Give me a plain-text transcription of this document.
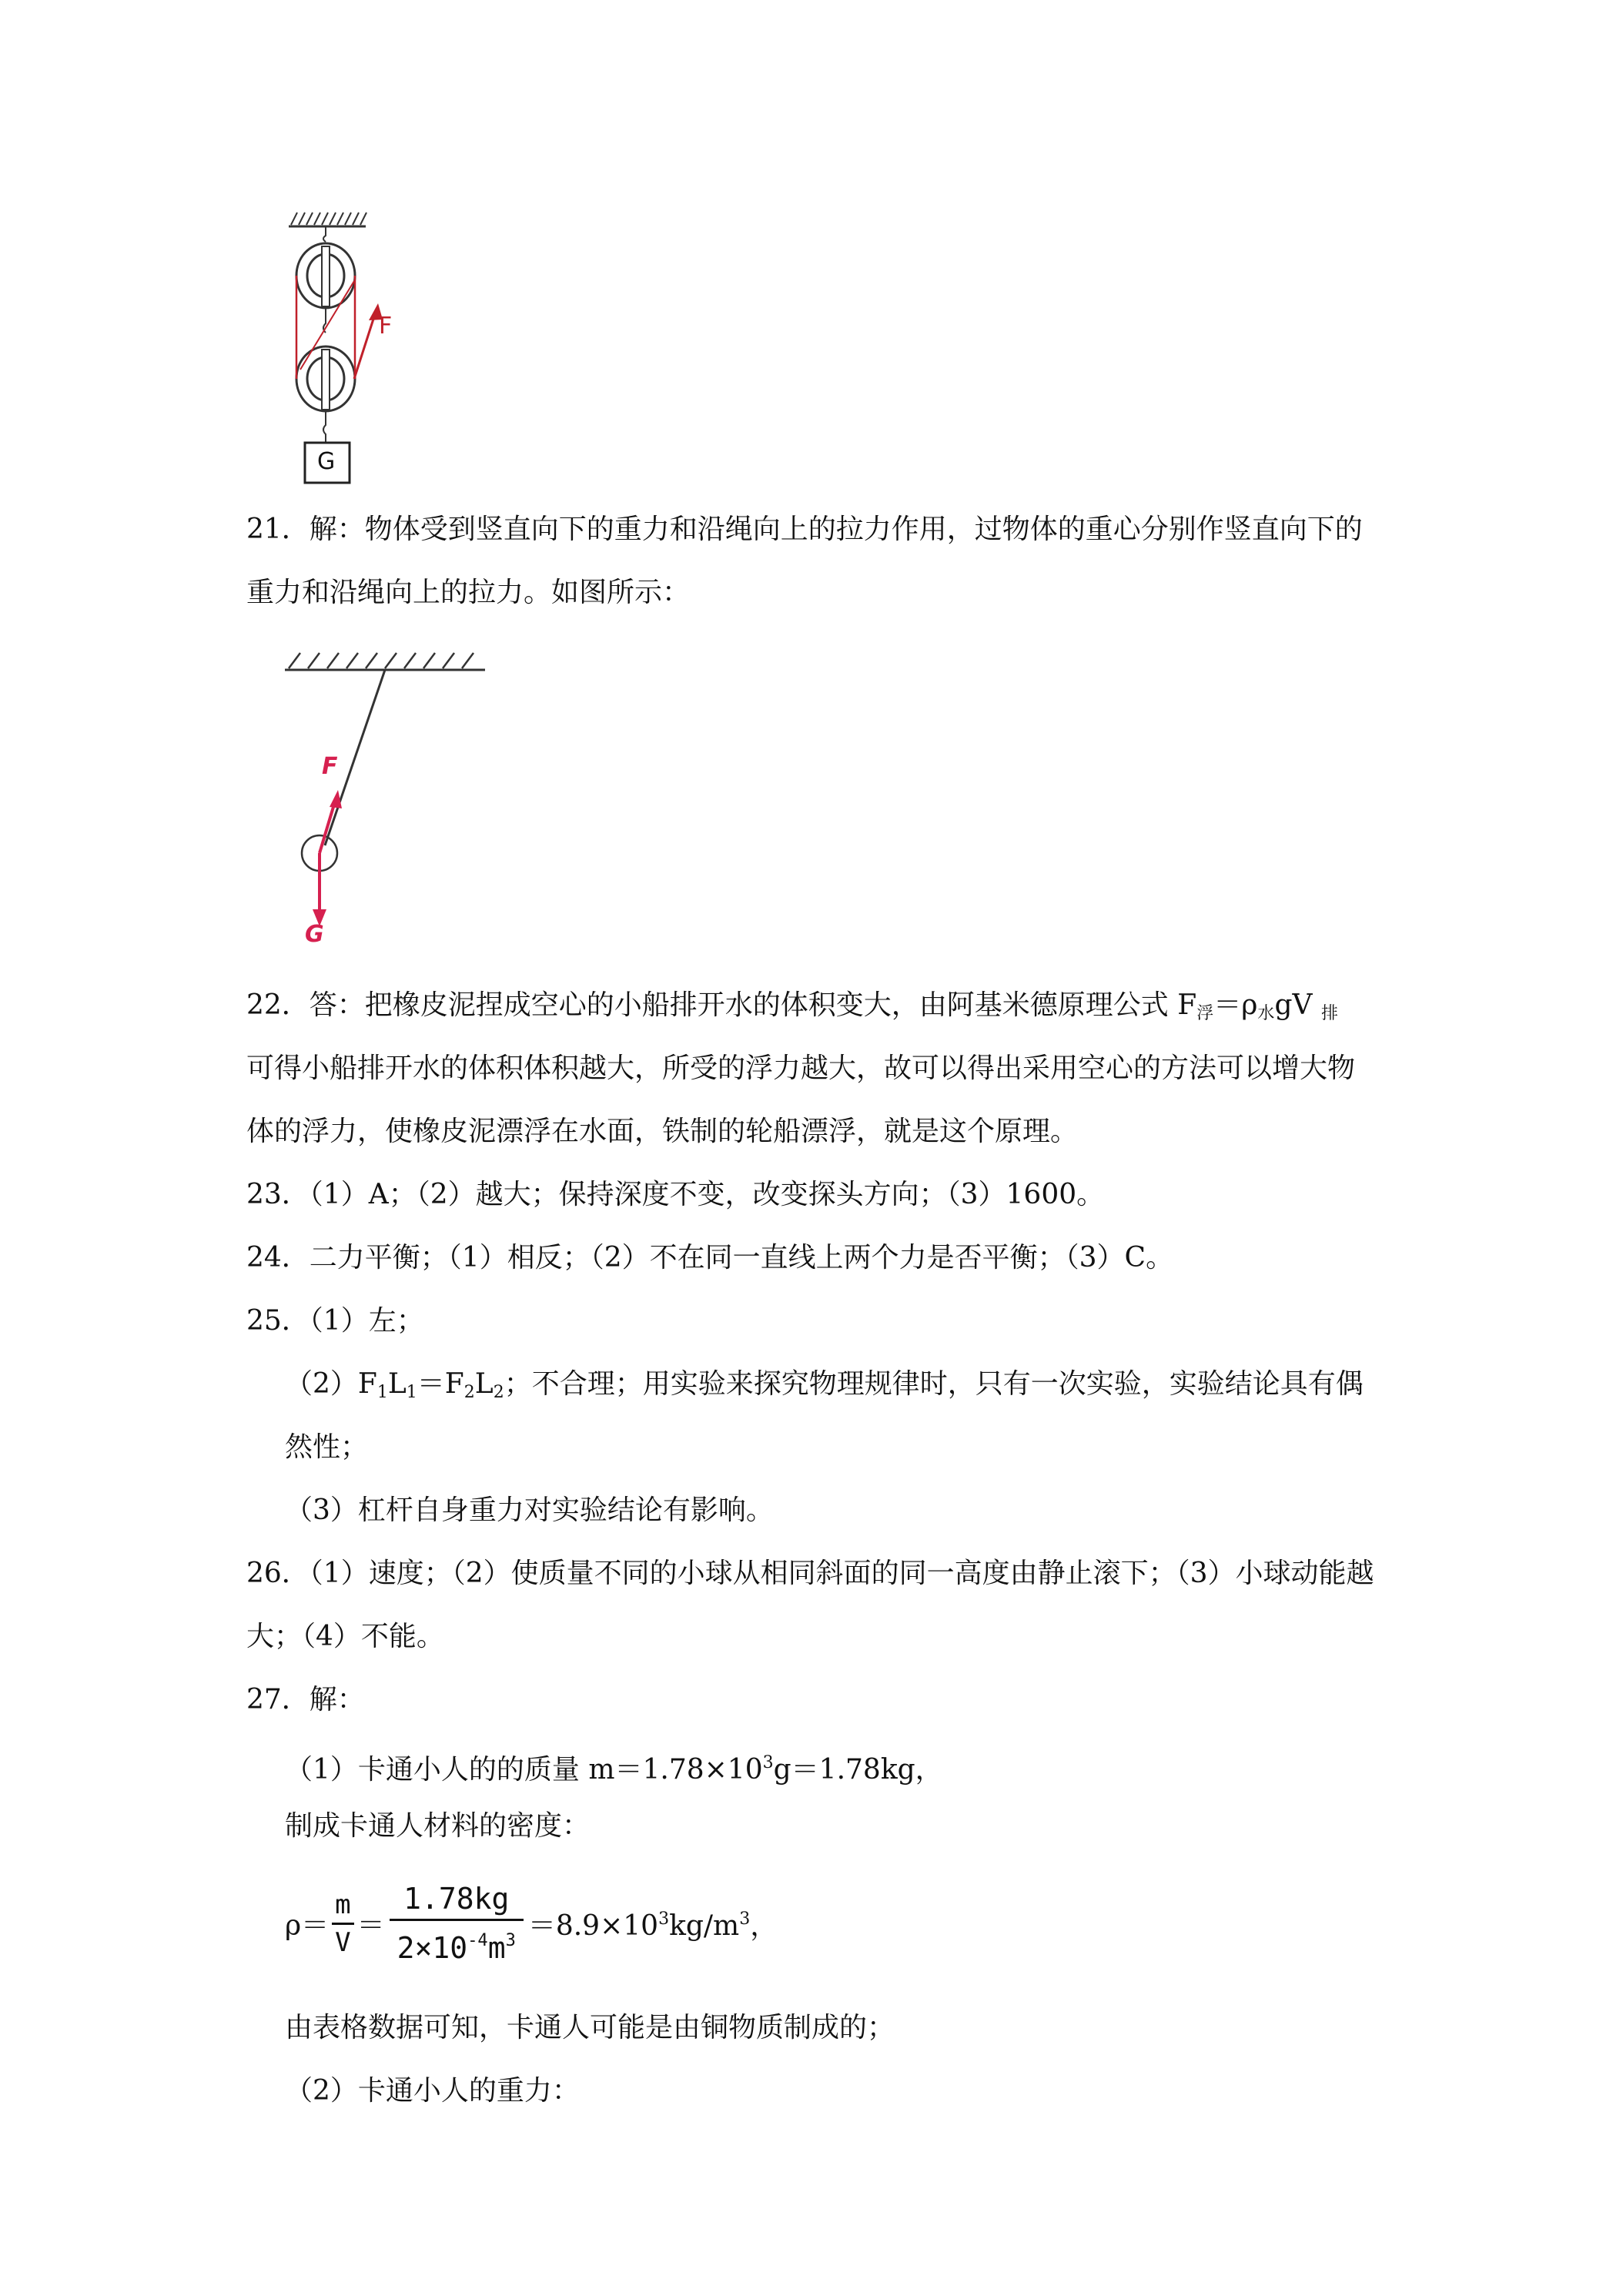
F
G
21．解：物体受到竖直向下的重力和沿绳向上的拉力作用，过物体的重心分别作竖直向下的
重力和沿绳向上的拉力。如图所示：
F
G
22．答：把橡皮泥捏成空心的小船排开水的体积变大，由阿基米德原理公式 $F_浮=\rho_水gV$ $_排$
可得小船排开水的体积体积越大，所受的浮力越大，故可以得出采用空心的方法可以增大物
体的浮力，使橡皮泥漂浮在水面，铁制的轮船漂浮，就是这个原理。
23．（1）A；（2）越大；保持深度不变，改变探头方向；（3）1600。
24．二力平衡；（1）相反；（2）不在同一直线上两个力是否平衡；（3）C。
25．（1）左；
$(2)F_1L_1=F_2L_2$；不合理；用实验来探究物理规律时，只有一次实验，实验结论具有偶
然性；
（3）杠杆自身重力对实验结论有影响。
26．（1）速度；（2）使质量不同的小球从相同斜面的同一高度由静止滚下；（3）小球动能越
大；（4）不能。
27．解：
（1）卡通小人的的质量 $m=1.78\times 10^3g=1.78kg$，
制成卡通人材料的密度：
$\rho= \frac{m}{V} = \frac{1.78kg}{2\times 10^{-4}m^3} =8.9\times 10^3kg/m^3$，
由表格数据可知，卡通人可能是由铜物质制成的；
（2）卡通小人的重力：
